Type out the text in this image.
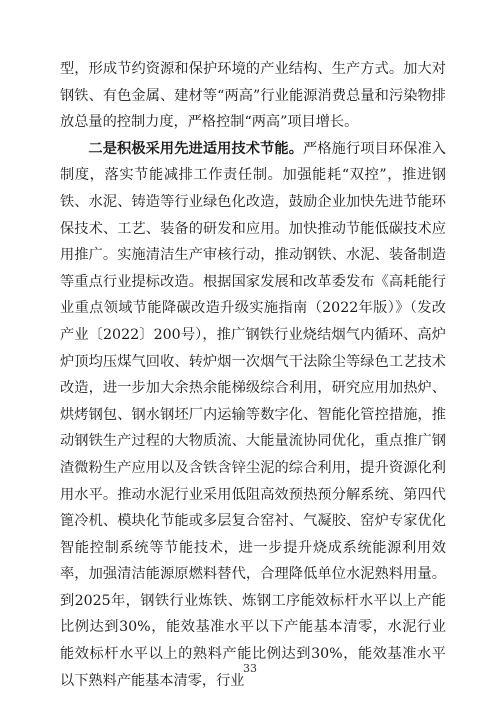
型，形成节约资源和保护环境的产业结构、生产方式。加大对钢铁、有色金属、建材等“两高”行业能源消费总量和污染物排放总量的控制力度，严格控制“两高”项目增长。

二是积极采用先进适用技术节能。严格施行项目环保准入制度，落实节能减排工作责任制。加强能耗“双控”，推进钢铁、水泥、铸造等行业绿色化改造，鼓励企业加快先进节能环保技术、工艺、装备的研发和应用。加快推动节能低碳技术应用推广。实施清洁生产审核行动，推动钢铁、水泥、装备制造等重点行业提标改造。根据国家发展和改革委发布《高耗能行业重点领域节能降碳改造升级实施指南（2022年版）》（发改产业〔2022〕200号），推广钢铁行业烧结烟气内循环、高炉炉顶均压煤气回收、转炉烟一次烟气干法除尘等绿色工艺技术改造，进一步加大余热余能梯级综合利用，研究应用加热炉、烘烤钢包、钢水钢坯厂内运输等数字化、智能化管控措施，推动钢铁生产过程的大物质流、大能量流协同优化，重点推广钢渣微粉生产应用以及含铁含锌尘泥的综合利用，提升资源化利用水平。推动水泥行业采用低阻高效预热预分解系统、第四代篦冷机、模块化节能或多层复合窑衬、气凝胶、窑炉专家优化智能控制系统等节能技术，进一步提升烧成系统能源利用效率，加强清洁能源原燃料替代，合理降低单位水泥熟料用量。到2025年，钢铁行业炼铁、炼钢工序能效标杆水平以上产能比例达到30%，能效基准水平以下产能基本清零，水泥行业能效标杆水平以上的熟料产能比例达到30%，能效基准水平以下熟料产能基本清零，行业

33
